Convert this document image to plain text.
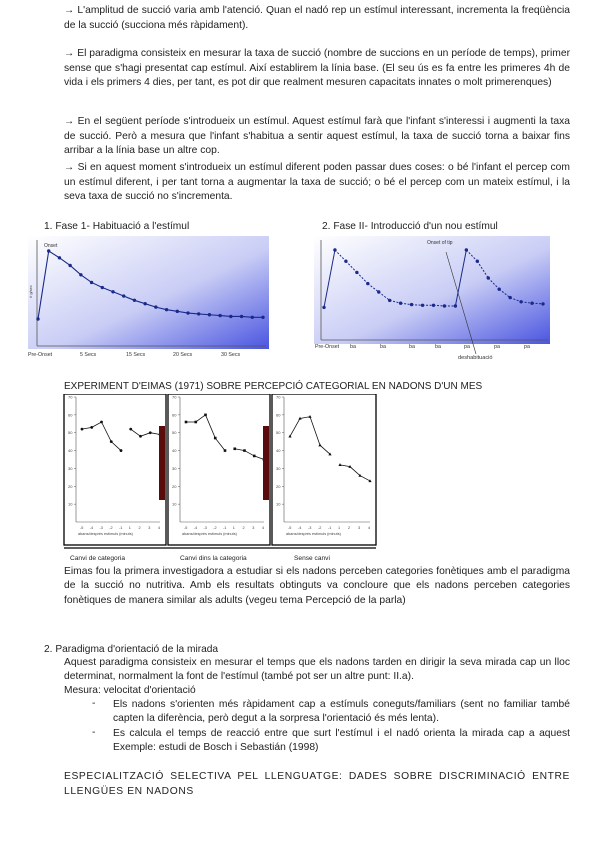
→ L'amplitud de succió varia amb l'atenció. Quan el nadó rep un estímul interessant, incrementa la freqüència de la succió (succiona més ràpidament).

→ El paradigma consisteix en mesurar la taxa de succió (nombre de succions en un període de temps), primer sense que s'hagi presentat cap estímul. Així establirem la línia base. (El seu ús es fa entre les primeres 4h de vida i els primers 4 dies, per tant, es pot dir que realment mesuren capacitats innates o molt primerenques)

→ En el següent període s'introdueix un estímul. Aquest estímul farà que l'infant s'interessi i augmenti la taxa de succió. Però a mesura que l'infant s'habitua a sentir aquest estímul, la taxa de succió torna a baixar fins arribar a la línia base un altre cop.

→ Si en aquest moment s'introdueix un estímul diferent poden passar dues coses: o bé l'infant el percep com un estímul diferent, i per tant torna a augmentar la taxa de succió; o bé el percep com un mateix estímul, i la seva taxa de succió no s'incrementa.

1. Fase 1- Habituació a l'estímul	2. Fase II- Introducció d'un nou estímul
# g/sec
Onset
Pre-Onset	5 Secs	15 Secs	20 Secs	30 Secs
Onset of tip
Pre-Onset ba	ba	ba	ba	pa	pa	pa
deshabituació
EXPERIMENT D'EIMAS (1971) SOBRE PERCEPCIÓ CATEGORIAL EN NADONS D'UN MES
10
20
30
40
50
60
70
-5 -4 -3 -2 -1 1 2 3 4
abans/després estímuls (minuts)
10
20
30
40
50
60
70
-5 -4 -3 -2 -1 1 2 3 4
abans/després estímuls (minuts)
10
20
30
40
50
60
70
-5 -4 -3 -2 -1 1 2 3 4
abans/després estímuls (minuts)
Canvi de categoria	Canvi dins la categoria	Sense canvi

Eimas fou la primera investigadora a estudiar si els nadons perceben categories fonètiques amb el paradigma de la succió no nutritiva. Amb els resultats obtinguts va concloure que els nadons perceben categories fonètiques de manera similar als adults (vegeu tema Percepció de la parla)

2. Paradigma d'orientació de la mirada

Aquest paradigma consisteix en mesurar el temps que els nadons tarden en dirigir la seva mirada cap un lloc determinat, normalment la font de l'estímul (també pot ser un altre punt: II.a).

Mesura: velocitat d'orientació
- Els nadons s'orienten més ràpidament cap a estímuls coneguts/familiars (sent no familiar també capten la diferència, però degut a la sorpresa l'orientació és més lenta).

- Es calcula el temps de reacció entre que surt l'estímul i el nadó orienta la mirada cap a aquest Exemple: estudi de Bosch i Sebastián (1998)

ESPECIALITZACIÓ SELECTIVA PEL LLENGUATGE: DADES SOBRE DISCRIMINACIÓ ENTRE LLENGÜES EN NADONS
